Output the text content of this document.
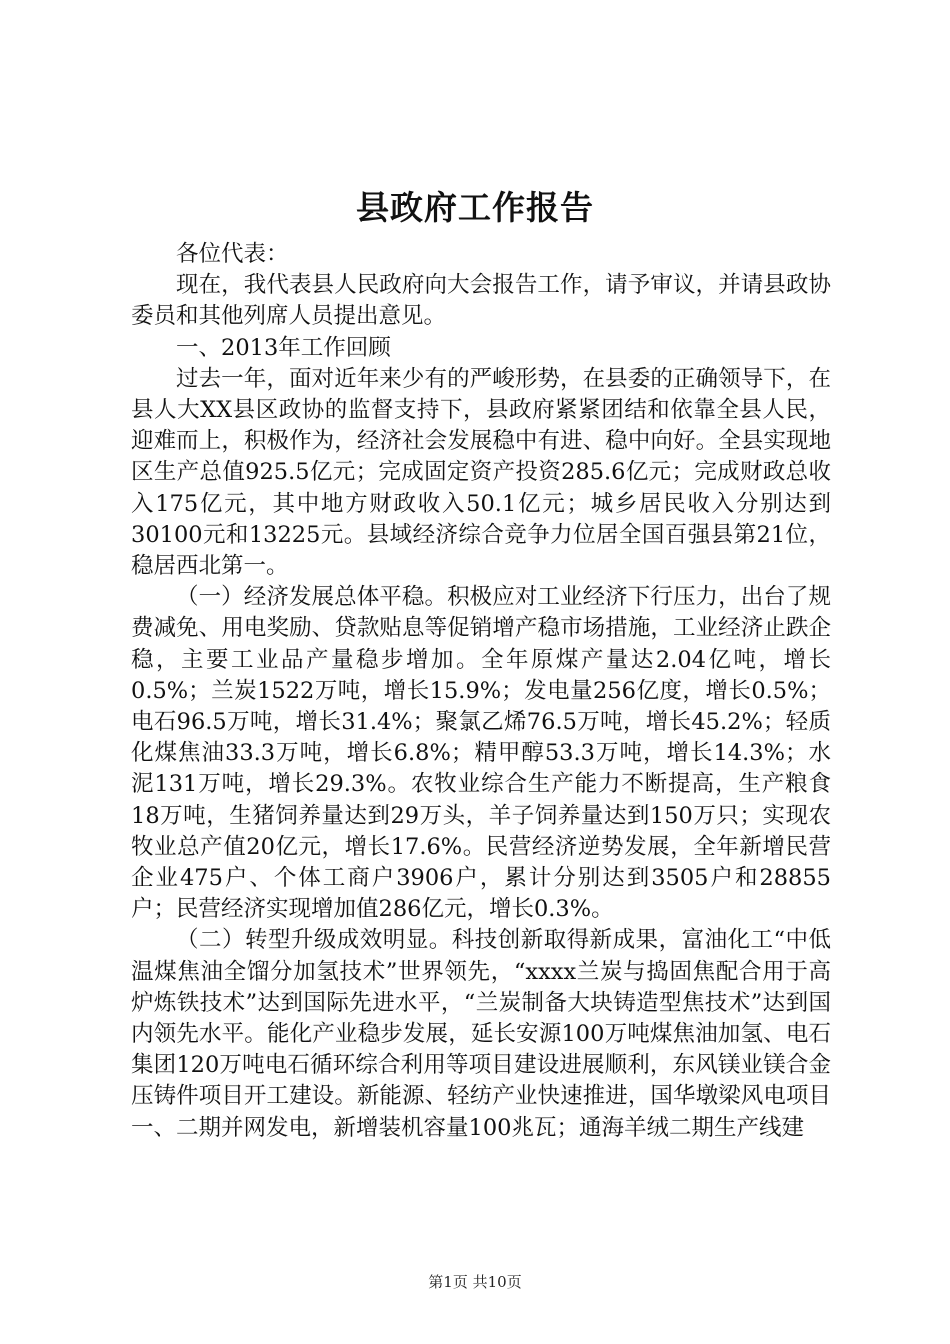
县政府工作报告

各位代表：

现在，我代表县人民政府向大会报告工作，请予审议，并请县政协委员和其他列席人员提出意见。

一、2013年工作回顾

过去一年，面对近年来少有的严峻形势，在县委的正确领导下，在县人大XX县区政协的监督支持下，县政府紧紧团结和依靠全县人民，迎难而上，积极作为，经济社会发展稳中有进、稳中向好。全县实现地区生产总值925.5亿元；完成固定资产投资285.6亿元；完成财政总收入175亿元，其中地方财政收入50.1亿元；城乡居民收入分别达到30100元和13225元。县域经济综合竞争力位居全国百强县第21位，稳居西北第一。

（一）经济发展总体平稳。积极应对工业经济下行压力，出台了规费减免、用电奖励、贷款贴息等促销增产稳市场措施，工业经济止跌企稳，主要工业品产量稳步增加。全年原煤产量达2.04亿吨，增长0.5%；兰炭1522万吨，增长15.9%；发电量256亿度，增长0.5%；电石96.5万吨，增长31.4%；聚氯乙烯76.5万吨，增长45.2%；轻质化煤焦油33.3万吨，增长6.8%；精甲醇53.3万吨，增长14.3%；水泥131万吨，增长29.3%。农牧业综合生产能力不断提高，生产粮食18万吨，生猪饲养量达到29万头，羊子饲养量达到150万只；实现农牧业总产值20亿元，增长17.6%。民营经济逆势发展，全年新增民营企业475户、个体工商户3906户，累计分别达到3505户和28855户；民营经济实现增加值286亿元，增长0.3%。

（二）转型升级成效明显。科技创新取得新成果，富油化工“中低温煤焦油全馏分加氢技术”世界领先，“xxxx兰炭与捣固焦配合用于高炉炼铁技术”达到国际先进水平，“兰炭制备大块铸造型焦技术”达到国内领先水平。能化产业稳步发展，延长安源100万吨煤焦油加氢、电石集团120万吨电石循环综合利用等项目建设进展顺利，东风镁业镁合金压铸件项目开工建设。新能源、轻纺产业快速推进，国华墩梁风电项目一、二期并网发电，新增装机容量100兆瓦；通海羊绒二期生产线建

第1页 共10页
